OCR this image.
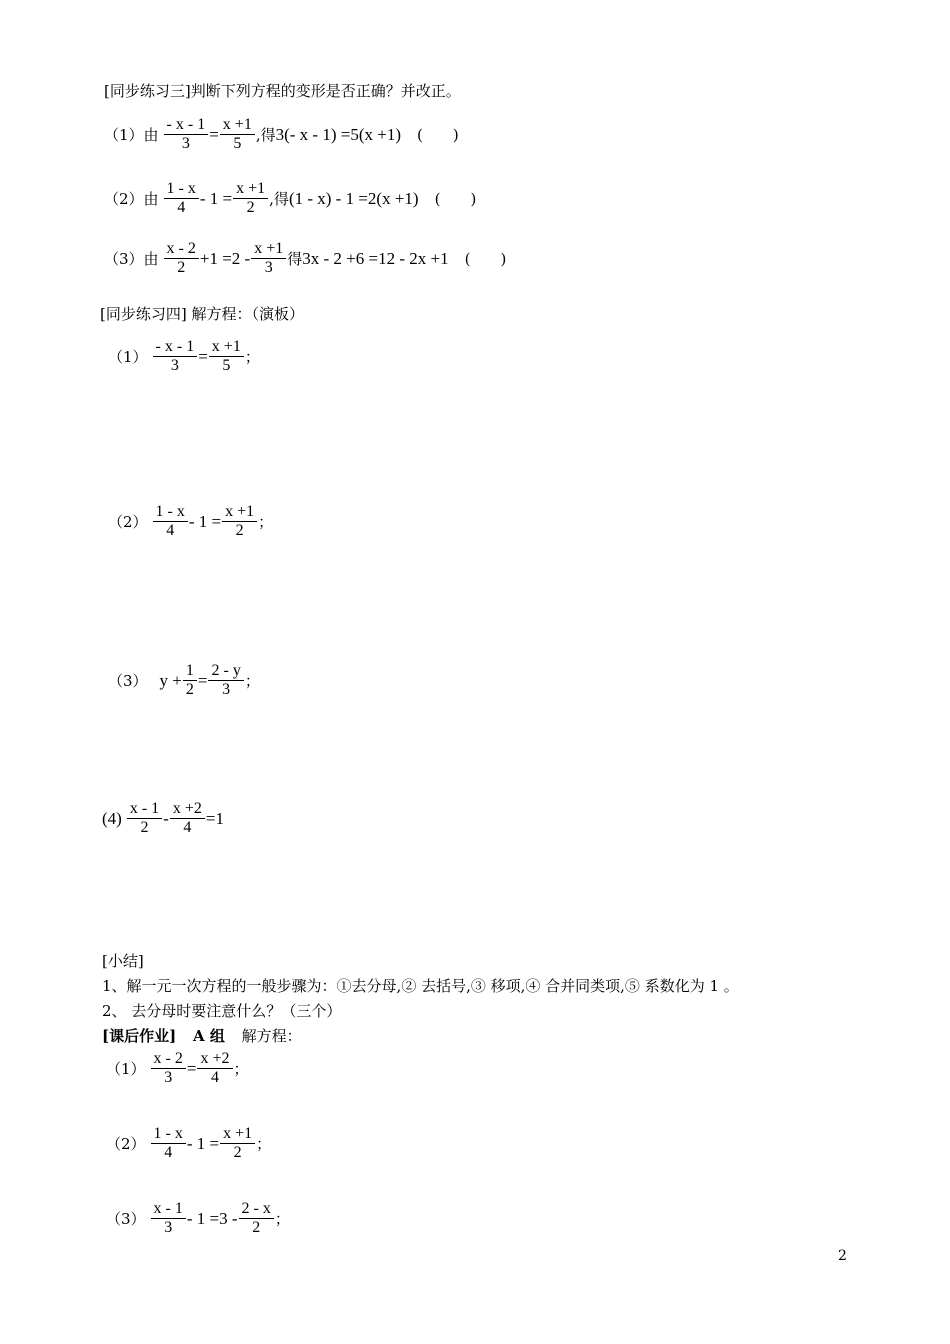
[同步练习三]判断下列方程的变形是否正确？并改正。
（1）由 $\frac{- x - 1}{3} = \frac{x +1}{5}$ ,得 3(- x - 1) =5(x +1) (　　)
（2）由 $\frac{1 - x}{4} - 1 = \frac{x +1}{2}$ ,得 (1 - x) - 1 =2(x +1) (　　)
（3）由 $\frac{x - 2}{2} +1 =2 - \frac{x +1}{3}$ 得 3x - 2 +6 =12 - 2x +1 (　　)
[同步练习四] 解方程：（演板）
$(1) \frac{- x - 1}{3} = \frac{x +1}{5}$ ；
$(2) \frac{1 - x}{4} - 1 = \frac{x +1}{2}$ ；
（3） $y + \frac{1}{2} = \frac{2 - y}{3}$ ；
$(4) \frac{x - 1}{2} - \frac{x +2}{4} =1$
[小结]
1、解一元一次方程的一般步骤为：①去分母,② 去括号,③ 移项,④ 合并同类项,⑤ 系数化为 1 。
2、 去分母时要注意什么？（三个）
[课后作业] A 组 解方程：
$(1) \frac{x - 2}{3} = \frac{x +2}{4}$ ；
$(2) \frac{1 - x}{4} - 1 = \frac{x +1}{2}$ ；
$(3) \frac{x - 1}{3} - 1 =3 - \frac{2 - x}{2}$ ；
2
